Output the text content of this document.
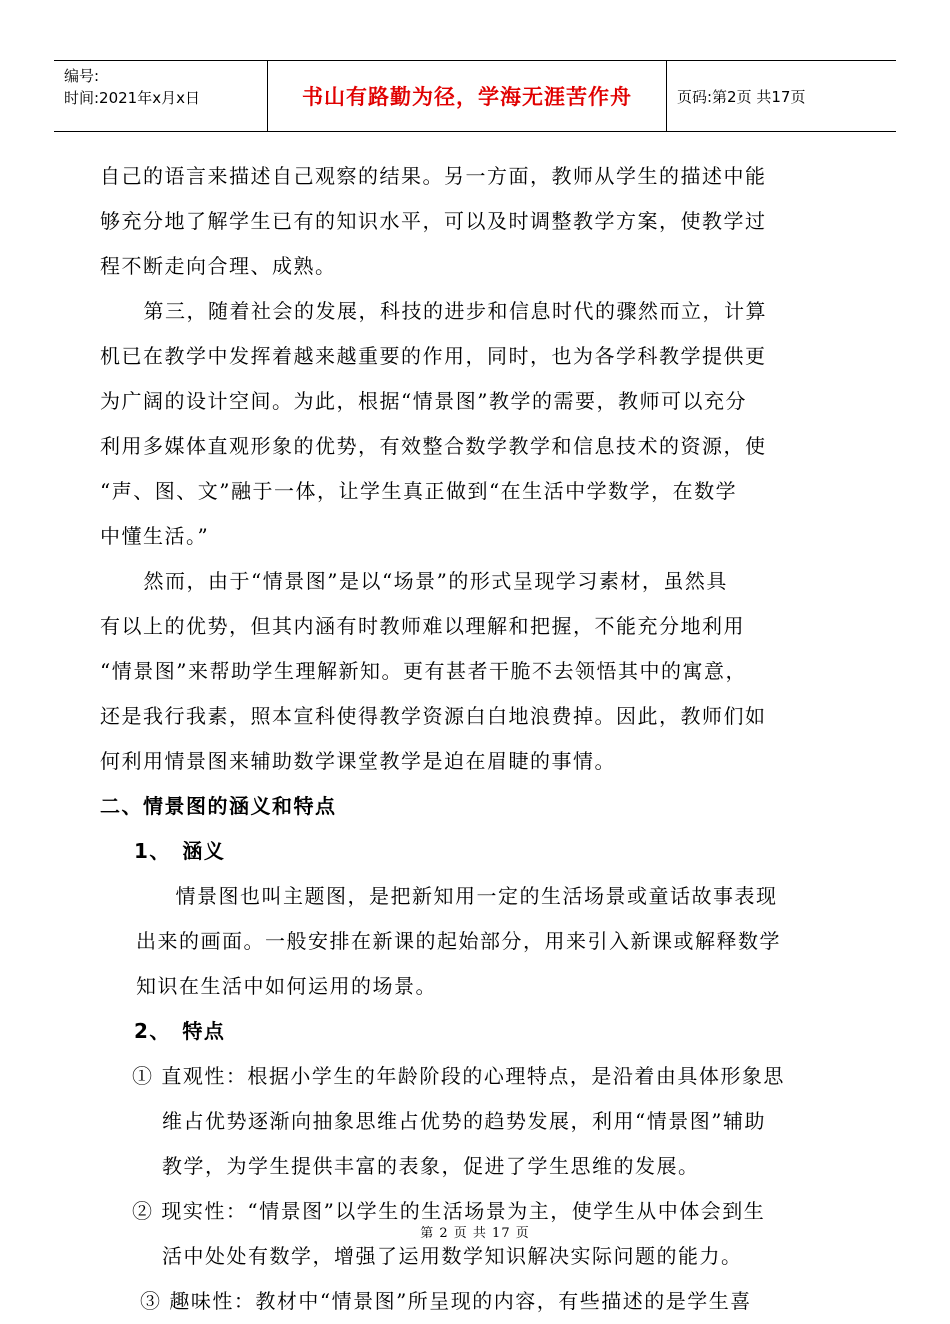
编号:
时间:2021年x月x日	书山有路勤为径，学海无涯苦作舟	页码:第2页 共17页

自己的语言来描述自己观察的结果。另一方面，教师从学生的描述中能

够充分地了解学生已有的知识水平，可以及时调整教学方案，使教学过

程不断走向合理、成熟。

　第三，随着社会的发展，科技的进步和信息时代的骤然而立，计算

机已在教学中发挥着越来越重要的作用，同时，也为各学科教学提供更

为广阔的设计空间。为此，根据“情景图”教学的需要，教师可以充分

利用多媒体直观形象的优势，有效整合数学教学和信息技术的资源，使

“声、图、文”融于一体，让学生真正做到“在生活中学数学，在数学

中懂生活。”

　然而，由于“情景图”是以“场景”的形式呈现学习素材，虽然具

有以上的优势，但其内涵有时教师难以理解和把握，不能充分地利用

“情景图”来帮助学生理解新知。更有甚者干脆不去领悟其中的寓意，

还是我行我素，照本宣科使得教学资源白白地浪费掉。因此，教师们如

何利用情景图来辅助数学课堂教学是迫在眉睫的事情。

二、情景图的涵义和特点

1、　涵义

　情景图也叫主题图，是把新知用一定的生活场景或童话故事表现

出来的画面。一般安排在新课的起始部分，用来引入新课或解释数学

知识在生活中如何运用的场景。

2、　特点

① 直观性：根据小学生的年龄阶段的心理特点，是沿着由具体形象思

维占优势逐渐向抽象思维占优势的趋势发展，利用“情景图”辅助

教学，为学生提供丰富的表象，促进了学生思维的发展。

② 现实性：“情景图”以学生的生活场景为主，使学生从中体会到生

活中处处有数学，增强了运用数学知识解决实际问题的能力。

③ 趣味性：教材中“情景图”所呈现的内容，有些描述的是学生喜

第 2 页 共 17 页
